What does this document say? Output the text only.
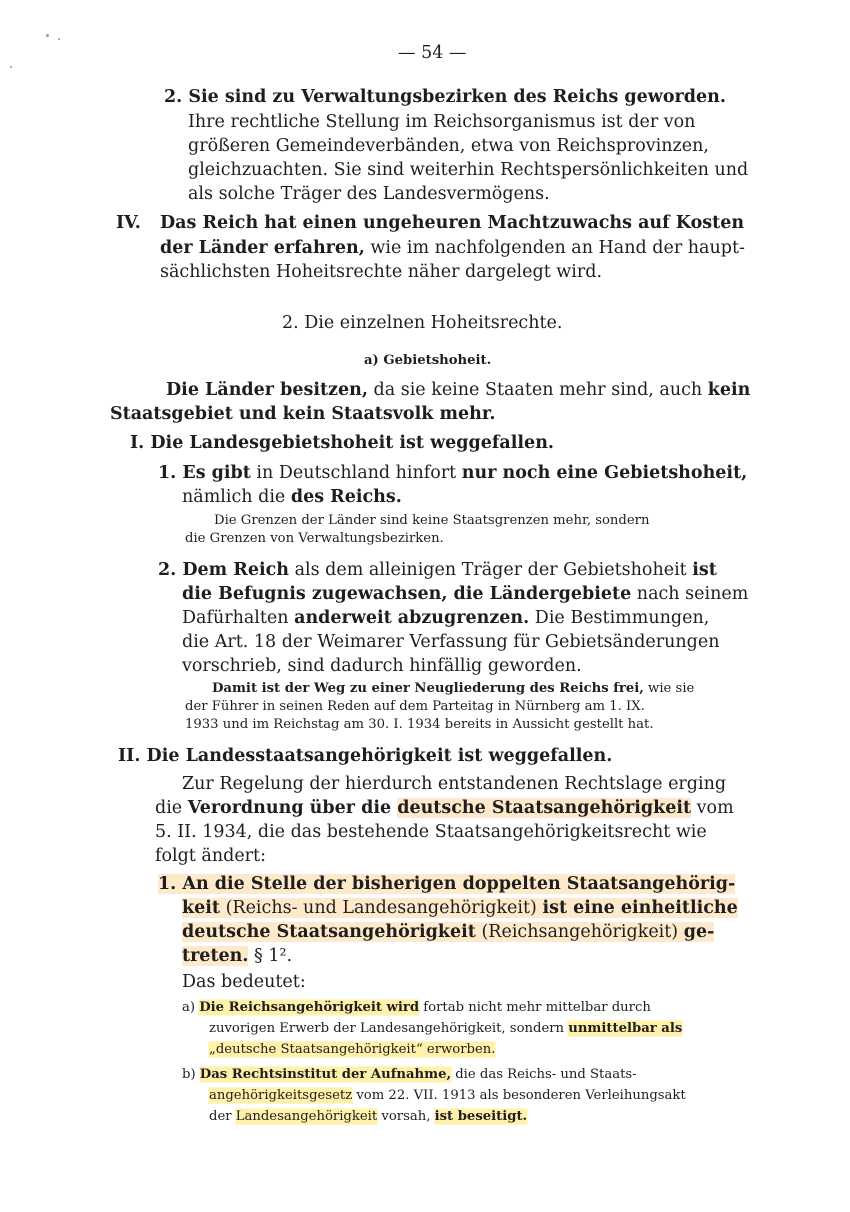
— 54 —

2. Sie sind zu Verwaltungsbezirken des Reichs geworden.

Ihre rechtliche Stellung im Reichsorganismus ist der von

größeren Gemeindeverbänden, etwa von Reichsprovinzen,

gleichzuachten. Sie sind weiterhin Rechtspersönlichkeiten und

als solche Träger des Landesvermögens.

IV. Das Reich hat einen ungeheuren Machtzuwachs auf Kosten

der Länder erfahren, wie im nachfolgenden an Hand der haupt-

sächlichsten Hoheitsrechte näher dargelegt wird.

2. Die einzelnen Hoheitsrechte.

a) Gebietshoheit.

Die Länder besitzen, da sie keine Staaten mehr sind, auch kein

Staatsgebiet und kein Staatsvolk mehr.

I. Die Landesgebietshoheit ist weggefallen.

1. Es gibt in Deutschland hinfort nur noch eine Gebietshoheit,

nämlich die des Reichs.

Die Grenzen der Länder sind keine Staatsgrenzen mehr, sondern

die Grenzen von Verwaltungsbezirken.

2. Dem Reich als dem alleinigen Träger der Gebietshoheit ist

die Befugnis zugewachsen, die Ländergebiete nach seinem

Dafürhalten anderweit abzugrenzen. Die Bestimmungen,

die Art. 18 der Weimarer Verfassung für Gebietsänderungen

vorschrieb, sind dadurch hinfällig geworden.

Damit ist der Weg zu einer Neugliederung des Reichs frei, wie sie

der Führer in seinen Reden auf dem Parteitag in Nürnberg am 1. IX.

1933 und im Reichstag am 30. I. 1934 bereits in Aussicht gestellt hat.

II. Die Landesstaatsangehörigkeit ist weggefallen.

Zur Regelung der hierdurch entstandenen Rechtslage erging

die Verordnung über die deutsche Staatsangehörigkeit vom

5. II. 1934, die das bestehende Staatsangehörigkeitsrecht wie

folgt ändert:

1. An die Stelle der bisherigen doppelten Staatsangehörig-

keit (Reichs- und Landesangehörigkeit) ist eine einheitliche

deutsche Staatsangehörigkeit (Reichsangehörigkeit) ge-

treten. § 1².

Das bedeutet:

a) Die Reichsangehörigkeit wird fortab nicht mehr mittelbar durch

zuvorigen Erwerb der Landesangehörigkeit, sondern unmittelbar als

„deutsche Staatsangehörigkeit“ erworben.

b) Das Rechtsinstitut der Aufnahme, die das Reichs- und Staats-

angehörigkeitsgesetz vom 22. VII. 1913 als besonderen Verleihungsakt

der Landesangehörigkeit vorsah, ist beseitigt.
